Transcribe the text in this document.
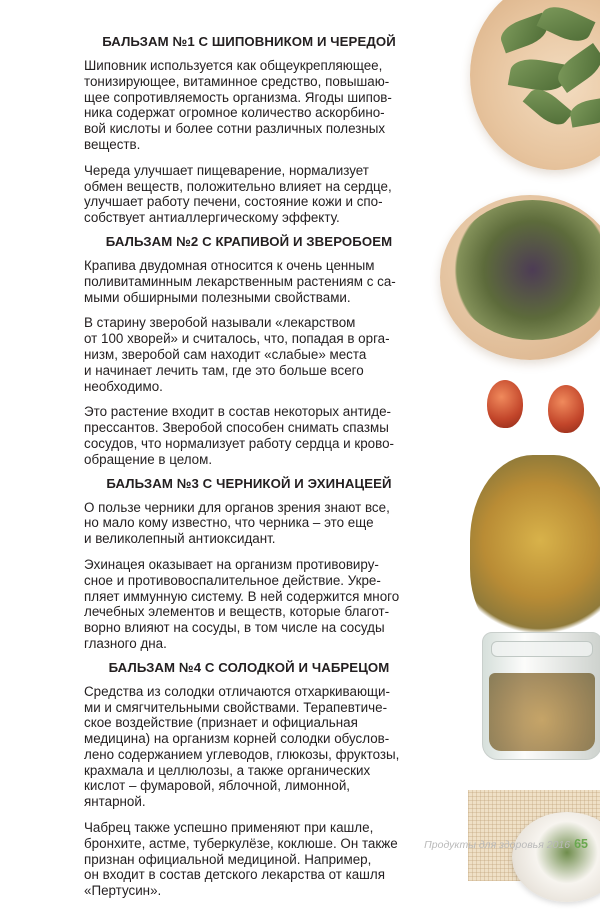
БАЛЬЗАМ №1 С ШИПОВНИКОМ И ЧЕРЕДОЙ

Шиповник используется как общеукрепляющее,
тонизирующее, витаминное средство, повышаю-
щее сопротивляемость организма. Ягоды шипов-
ника содержат огромное количество аскорбино-
вой кислоты и более сотни различных полезных
веществ.

Череда улучшает пищеварение, нормализует
обмен веществ, положительно влияет на сердце,
улучшает работу печени, состояние кожи и спо-
собствует антиаллергическому эффекту.

БАЛЬЗАМ №2 С КРАПИВОЙ И ЗВЕРОБОЕМ

Крапива двудомная относится к очень ценным
поливитаминным лекарственным растениям с са-
мыми обширными полезными свойствами.

В старину зверобой называли «лекарством
от 100 хворей» и считалось, что, попадая в орга-
низм, зверобой сам находит «слабые» места
и начинает лечить там, где это больше всего
необходимо.

Это растение входит в состав некоторых антиде-
прессантов. Зверобой способен снимать спазмы
сосудов, что нормализует работу сердца и крово-
обращение в целом.

БАЛЬЗАМ №3 С ЧЕРНИКОЙ И ЭХИНАЦЕЕЙ

О пользе черники для органов зрения знают все,
но мало кому известно, что черника – это еще
и великолепный антиоксидант.

Эхинацея оказывает на организм противовиру-
сное и противовоспалительное действие. Укре-
пляет иммунную систему. В ней содержится много
лечебных элементов и веществ, которые благот-
ворно влияют на сосуды, в том числе на сосуды
глазного дна.

БАЛЬЗАМ №4 С СОЛОДКОЙ И ЧАБРЕЦОМ

Средства из солодки отличаются отхаркивающи-
ми и смягчительными свойствами. Терапевтиче-
ское воздействие (признает и официальная
медицина) на организм корней солодки обуслов-
лено содержанием углеводов, глюкозы, фруктозы,
крахмала и целлюлозы, а также органических
кислот – фумаровой, яблочной, лимонной,
янтарной.

Чабрец также успешно применяют при кашле,
бронхите, астме, туберкулёзе, коклюше. Он также
признан официальной медициной. Например,
он входит в состав детского лекарства от кашля
«Пертусин».

Продукты для здоровья 2016 65
